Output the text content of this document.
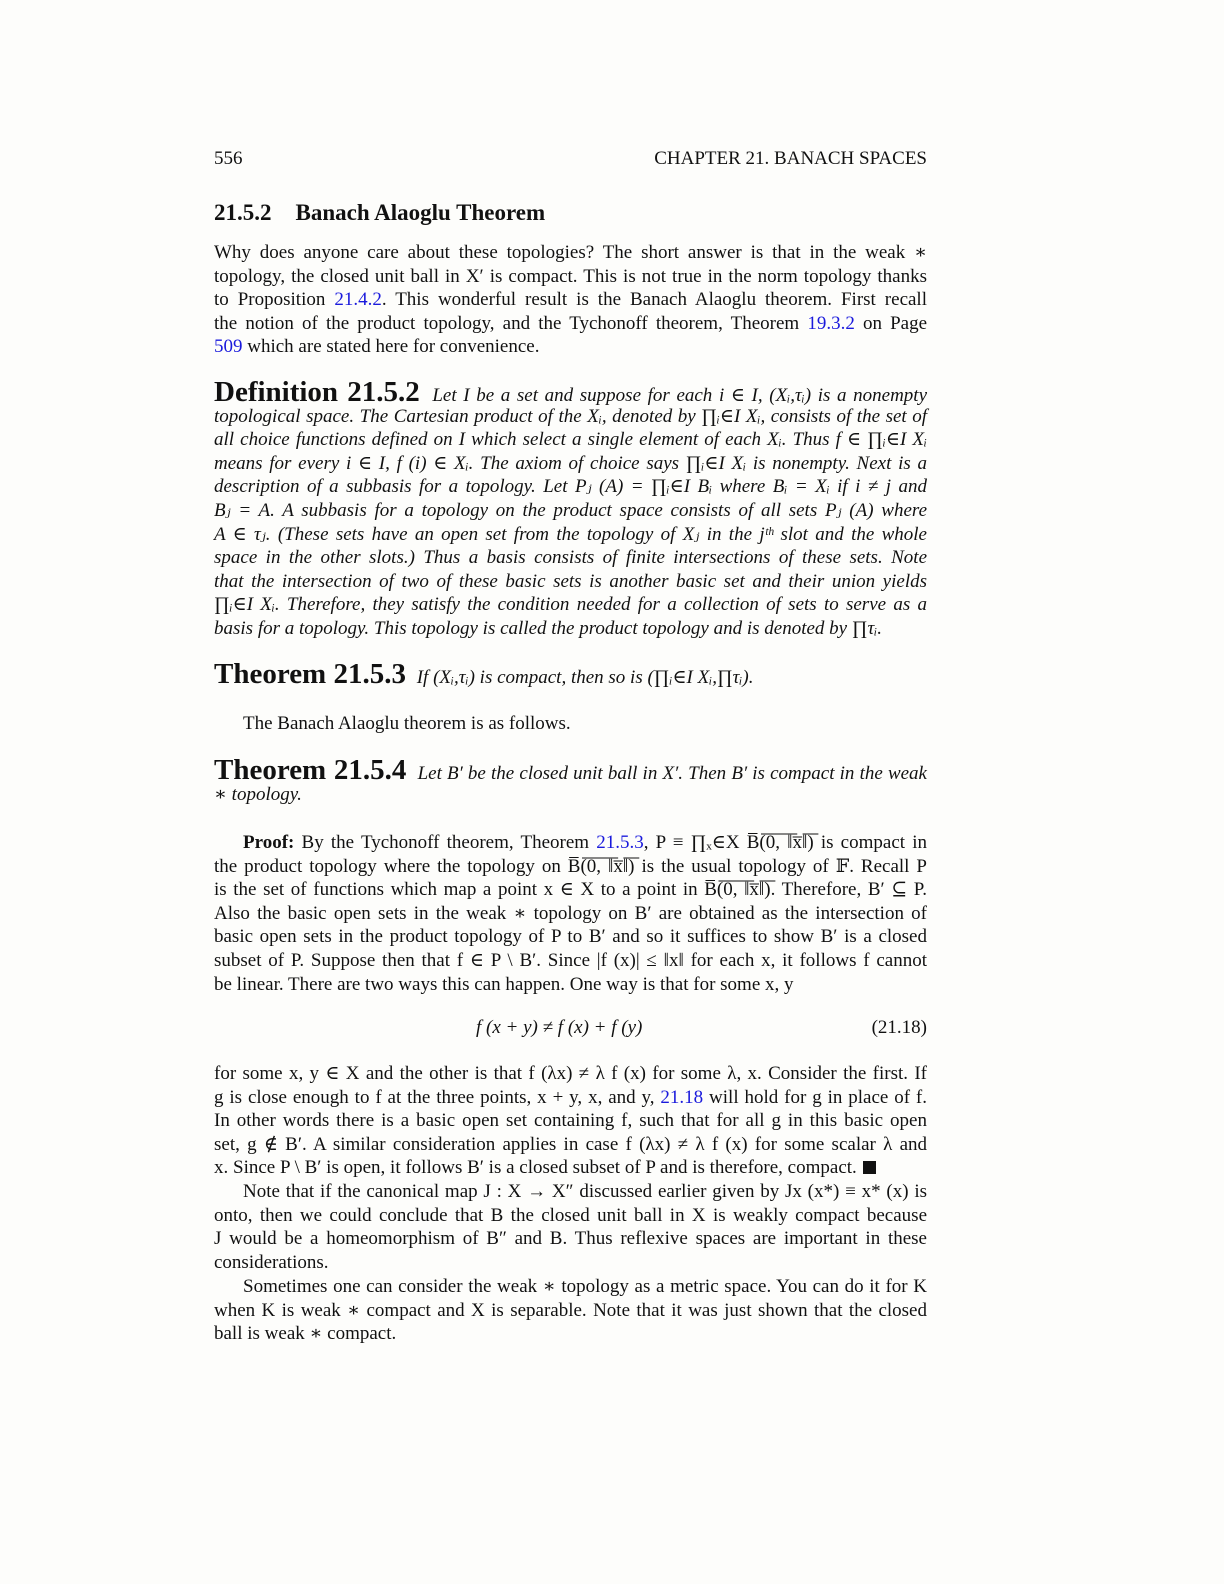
556	CHAPTER 21. BANACH SPACES
21.5.2 Banach Alaoglu Theorem
Why does anyone care about these topologies? The short answer is that in the weak ∗
topology, the closed unit ball in X′ is compact. This is not true in the norm topology thanks
to Proposition 21.4.2. This wonderful result is the Banach Alaoglu theorem. First recall
the notion of the product topology, and the Tychonoff theorem, Theorem 19.3.2 on Page
509 which are stated here for convenience.
Definition 21.5.2 Let I be a set and suppose for each i ∈ I, (Xᵢ,τᵢ) is a nonempty
topological space. The Cartesian product of the Xᵢ, denoted by ∏ᵢ∈I Xᵢ, consists of the set of
all choice functions defined on I which select a single element of each Xᵢ. Thus f ∈ ∏ᵢ∈I Xᵢ
means for every i ∈ I, f (i) ∈ Xᵢ. The axiom of choice says ∏ᵢ∈I Xᵢ is nonempty. Next is a
description of a subbasis for a topology. Let Pⱼ (A) = ∏ᵢ∈I Bᵢ where Bᵢ = Xᵢ if i ≠ j and
Bⱼ = A. A subbasis for a topology on the product space consists of all sets Pⱼ (A) where
A ∈ τⱼ. (These sets have an open set from the topology of Xⱼ in the jᵗʰ slot and the whole
space in the other slots.) Thus a basis consists of finite intersections of these sets. Note
that the intersection of two of these basic sets is another basic set and their union yields
∏ᵢ∈I Xᵢ. Therefore, they satisfy the condition needed for a collection of sets to serve as a
basis for a topology. This topology is called the product topology and is denoted by ∏τᵢ.
Theorem 21.5.3 If (Xᵢ,τᵢ) is compact, then so is (∏ᵢ∈I Xᵢ,∏τᵢ).
The Banach Alaoglu theorem is as follows.
Theorem 21.5.4 Let B′ be the closed unit ball in X′. Then B′ is compact in the weak
∗ topology.
Proof: By the Tychonoff theorem, Theorem 21.5.3, P ≡ ∏ₓ∈X B̅(̅0̅,̅ ̅‖̅x̅‖̅)̅ is compact in
the product topology where the topology on B̅(̅0̅,̅ ̅‖̅x̅‖̅)̅ is the usual topology of 𝔽. Recall P
is the set of functions which map a point x ∈ X to a point in B̅(̅0̅,̅ ̅‖̅x̅‖̅)̅. Therefore, B′ ⊆ P.
Also the basic open sets in the weak ∗ topology on B′ are obtained as the intersection of
basic open sets in the product topology of P to B′ and so it suffices to show B′ is a closed
subset of P. Suppose then that f ∈ P \ B′. Since |f (x)| ≤ ‖x‖ for each x, it follows f cannot
be linear. There are two ways this can happen. One way is that for some x, y
f (x + y) ≠ f (x) + f (y)	(21.18)
for some x, y ∈ X and the other is that f (λx) ≠ λ f (x) for some λ, x. Consider the first. If
g is close enough to f at the three points, x + y, x, and y, 21.18 will hold for g in place of f.
In other words there is a basic open set containing f, such that for all g in this basic open
set, g ∉ B′. A similar consideration applies in case f (λx) ≠ λ f (x) for some scalar λ and
x. Since P \ B′ is open, it follows B′ is a closed subset of P and is therefore, compact.
Note that if the canonical map J : X → X″ discussed earlier given by Jx (x*) ≡ x* (x) is
onto, then we could conclude that B the closed unit ball in X is weakly compact because
J would be a homeomorphism of B″ and B. Thus reflexive spaces are important in these
considerations.
Sometimes one can consider the weak ∗ topology as a metric space. You can do it for K
when K is weak ∗ compact and X is separable. Note that it was just shown that the closed
ball is weak ∗ compact.
